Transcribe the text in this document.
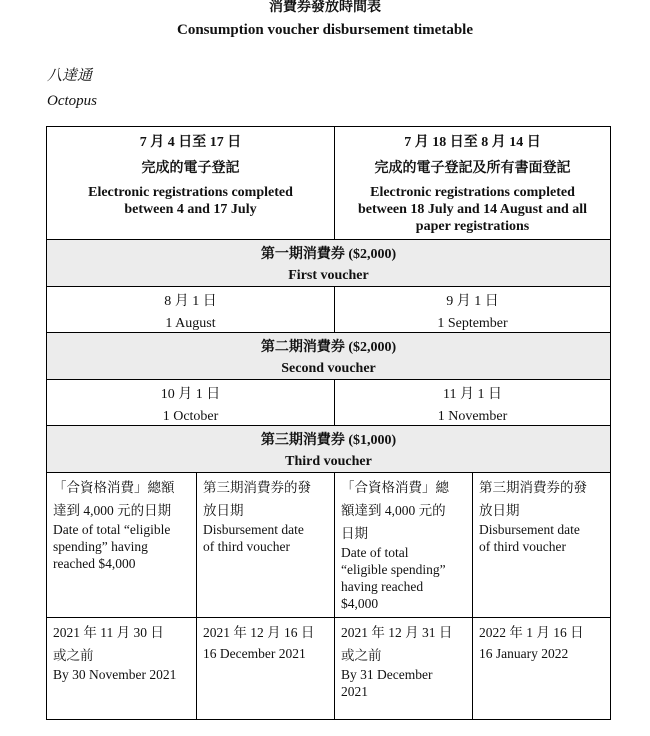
消費券發放時間表
Consumption voucher disbursement timetable
八達通
Octopus
7 月 4 日至 17 日
完成的電子登記
Electronic registrations completed
between 4 and 17 July
7 月 18 日至 8 月 14 日
完成的電子登記及所有書面登記
Electronic registrations completed
between 18 July and 14 August and all
paper registrations
第一期消費券 ($2,000)
First voucher
8 月 1 日
1 August
9 月 1 日
1 September
第二期消費券 ($2,000)
Second voucher
10 月 1 日
1 October
11 月 1 日
1 November
第三期消費券 ($1,000)
Third voucher
「合資格消費」總額
達到 4,000 元的日期
Date of total “eligible
spending” having
reached $4,000
第三期消費券的發
放日期
Disbursement date
of third voucher
「合資格消費」總
額達到 4,000 元的
日期
Date of total
“eligible spending”
having reached
$4,000
第三期消費券的發
放日期
Disbursement date
of third voucher
2021 年 11 月 30 日
或之前
By 30 November 2021
2021 年 12 月 16 日
16 December 2021
2021 年 12 月 31 日
或之前
By 31 December
2021
2022 年 1 月 16 日
16 January 2022
